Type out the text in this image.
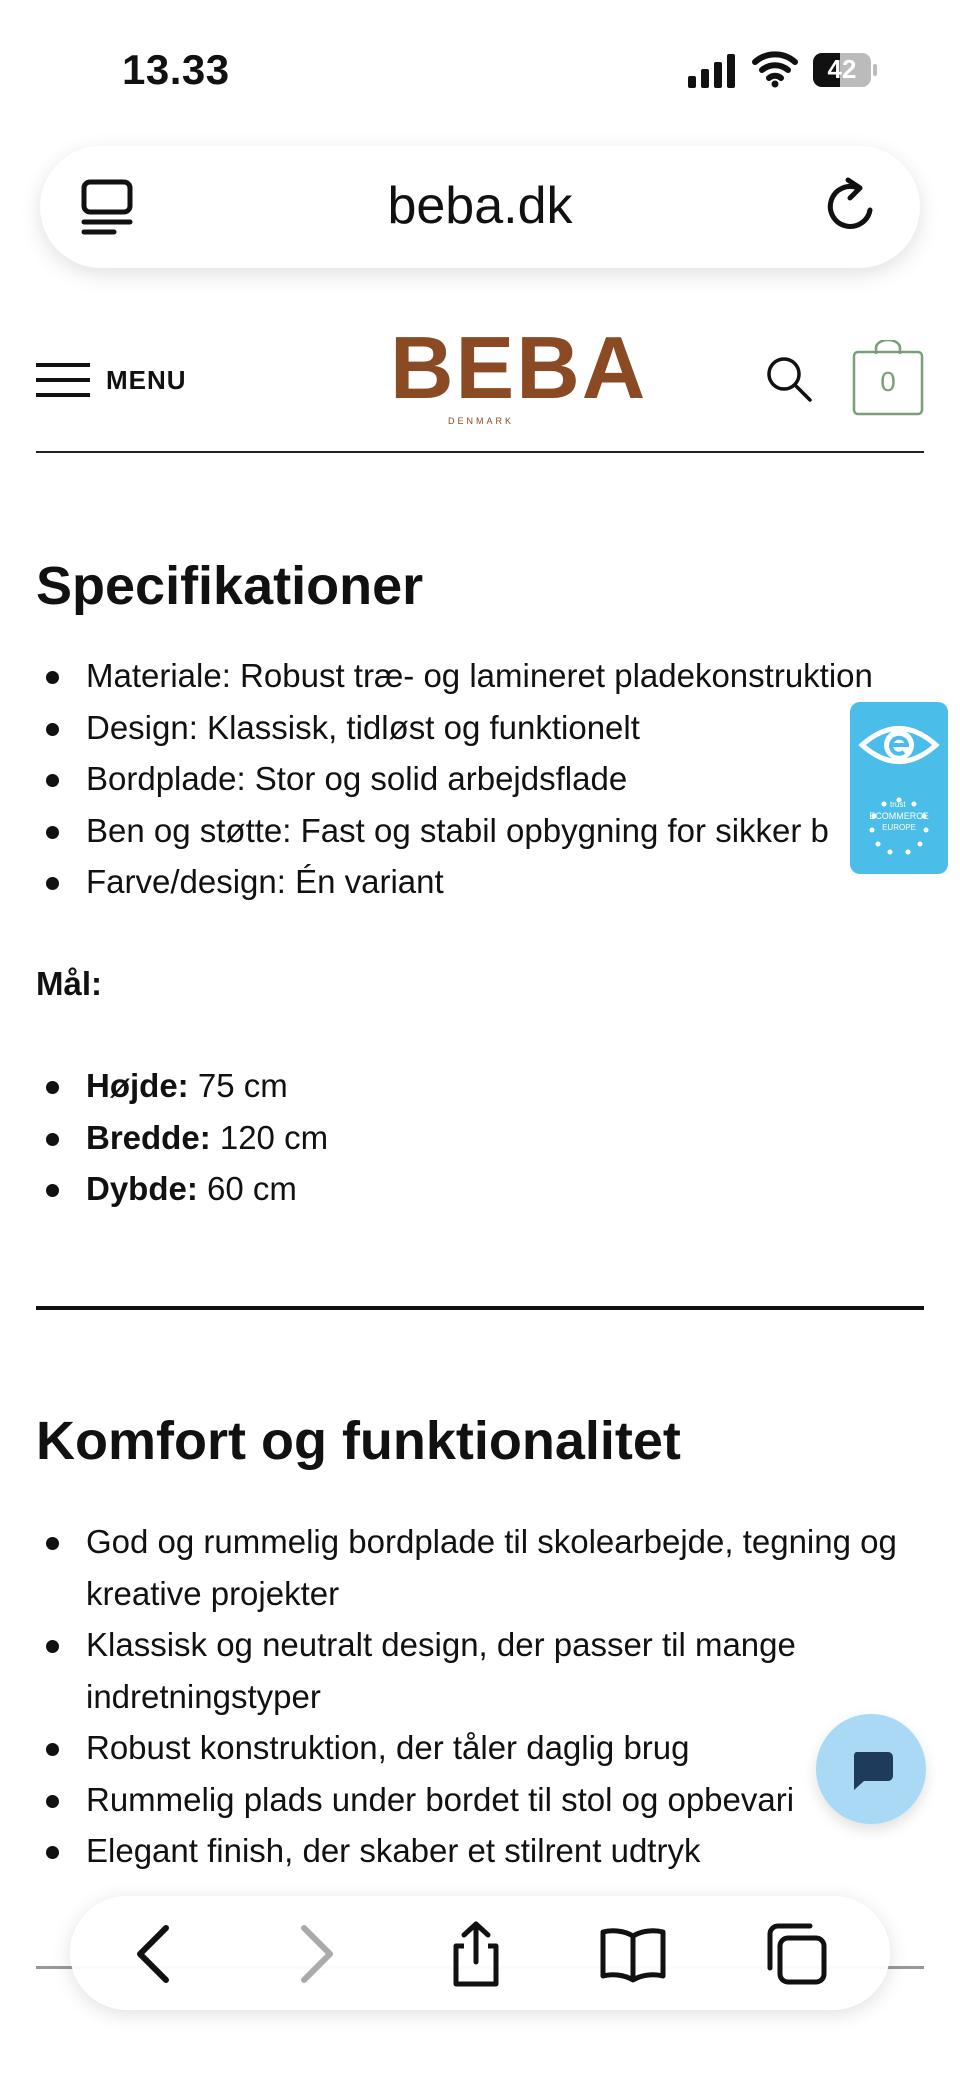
13.33	42
beba.dk
MENU BEBA
DENMARK
0
Specifikationer
Materiale: Robust træ- og lamineret pladekonstruktion
Design: Klassisk, tidløst og funktionelt
Bordplade: Stor og solid arbejdsflade
Ben og støtte: Fast og stabil opbygning for sikker b
Farve/design: Én variant
Mål:
Højde: 75 cm
Bredde: 120 cm
Dybde: 60 cm
Komfort og funktionalitet
God og rummelig bordplade til skolearbejde, tegning og kreative projekter
Klassisk og neutralt design, der passer til mange indretningstyper
Robust konstruktion, der tåler daglig brug
Rummelig plads under bordet til stol og opbevari
Elegant finish, der skaber et stilrent udtryk
trust
ECOMMERCE
EUROPE
